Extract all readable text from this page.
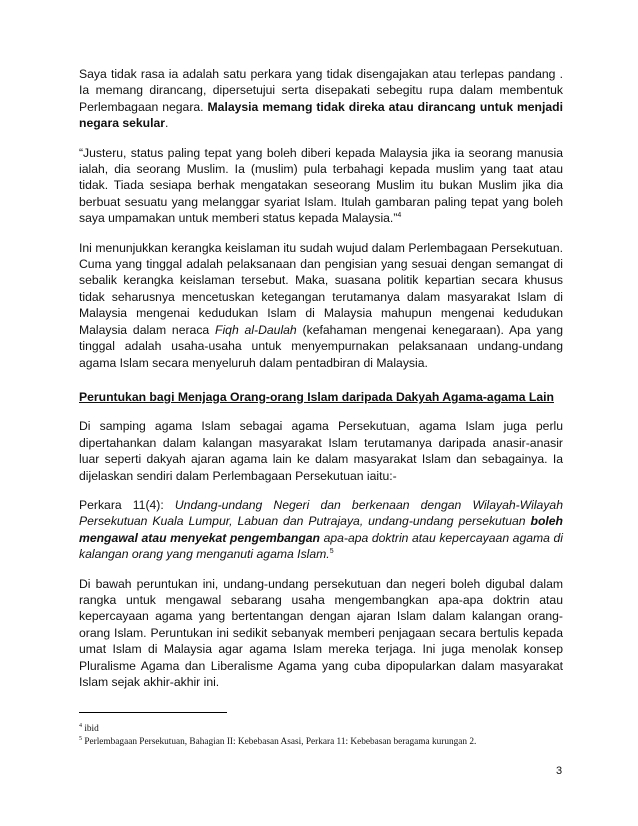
Saya tidak rasa ia adalah satu perkara yang tidak disengajakan atau terlepas pandang . Ia memang dirancang, dipersetujui serta disepakati sebegitu rupa dalam membentuk Perlembagaan negara. Malaysia memang tidak direka atau dirancang untuk menjadi negara sekular.

“Justeru, status paling tepat yang boleh diberi kepada Malaysia jika ia seorang manusia ialah, dia seorang Muslim. Ia (muslim) pula terbahagi kepada muslim yang taat atau tidak. Tiada sesiapa berhak mengatakan seseorang Muslim itu bukan Muslim jika dia berbuat sesuatu yang melanggar syariat Islam. Itulah gambaran paling tepat yang boleh saya umpamakan untuk memberi status kepada Malaysia.”$^4$

Ini menunjukkan kerangka keislaman itu sudah wujud dalam Perlembagaan Persekutuan. Cuma yang tinggal adalah pelaksanaan dan pengisian yang sesuai dengan semangat di sebalik kerangka keislaman tersebut. Maka, suasana politik kepartian secara khusus tidak seharusnya mencetuskan ketegangan terutamanya dalam masyarakat Islam di Malaysia mengenai kedudukan Islam di Malaysia mahupun mengenai kedudukan Malaysia dalam neraca Fiqh al-Daulah (kefahaman mengenai kenegaraan). Apa yang tinggal adalah usaha-usaha untuk menyempurnakan pelaksanaan undang-undang agama Islam secara menyeluruh dalam pentadbiran di Malaysia.

Peruntukan bagi Menjaga Orang-orang Islam daripada Dakyah Agama-agama Lain

Di samping agama Islam sebagai agama Persekutuan, agama Islam juga perlu dipertahankan dalam kalangan masyarakat Islam terutamanya daripada anasir-anasir luar seperti dakyah ajaran agama lain ke dalam masyarakat Islam dan sebagainya. Ia dijelaskan sendiri dalam Perlembagaan Persekutuan iaitu:-

Perkara 11(4): Undang-undang Negeri dan berkenaan dengan Wilayah-Wilayah Persekutuan Kuala Lumpur, Labuan dan Putrajaya, undang-undang persekutuan boleh mengawal atau menyekat pengembangan apa-apa doktrin atau kepercayaan agama di kalangan orang yang menganuti agama Islam.$^5$

Di bawah peruntukan ini, undang-undang persekutuan dan negeri boleh digubal dalam rangka untuk mengawal sebarang usaha mengembangkan apa-apa doktrin atau kepercayaan agama yang bertentangan dengan ajaran Islam dalam kalangan orang-orang Islam. Peruntukan ini sedikit sebanyak memberi penjagaan secara bertulis kepada umat Islam di Malaysia agar agama Islam mereka terjaga. Ini juga menolak konsep Pluralisme Agama dan Liberalisme Agama yang cuba dipopularkan dalam masyarakat Islam sejak akhir-akhir ini.

$^4$ ibid
$^5$ Perlembagaan Persekutuan, Bahagian II: Kebebasan Asasi, Perkara 11: Kebebasan beragama kurungan 2.
3
